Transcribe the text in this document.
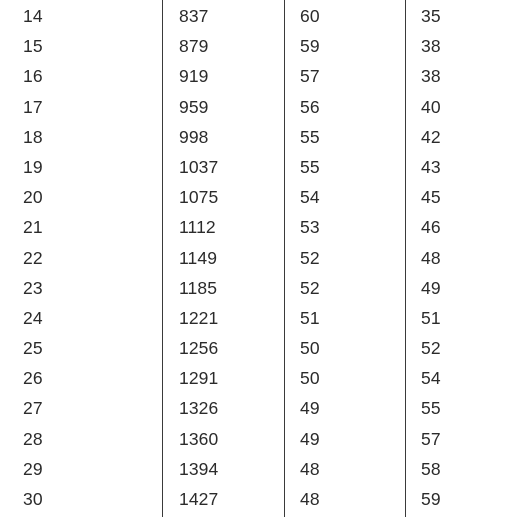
14	837	60	35
15	879	59	38
16	919	57	38
17	959	56	40
18	998	55	42
19	1037	55	43
20	1075	54	45
21	1112	53	46
22	1149	52	48
23	1185	52	49
24	1221	51	51
25	1256	50	52
26	1291	50	54
27	1326	49	55
28	1360	49	57
29	1394	48	58
30	1427	48	59
